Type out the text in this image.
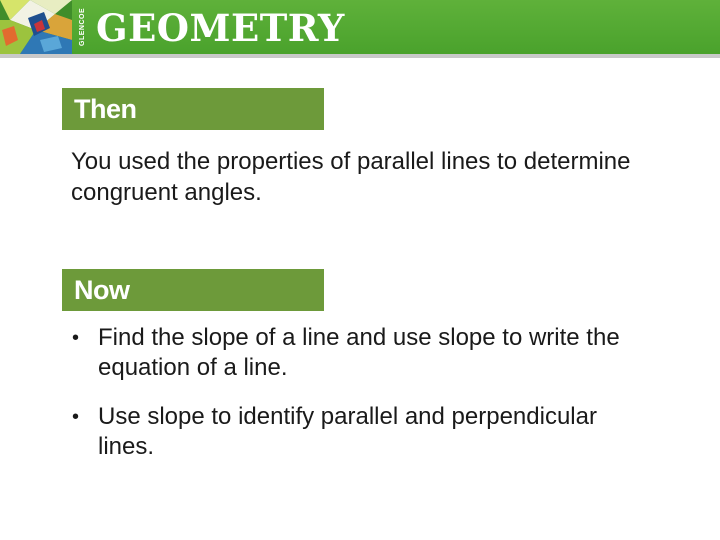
GLENCOE GEOMETRY
Then
You used the properties of parallel lines to determine congruent angles.
Now
• Find the slope of a line and use slope to write the equation of a line.
• Use slope to identify parallel and perpendicular lines.
